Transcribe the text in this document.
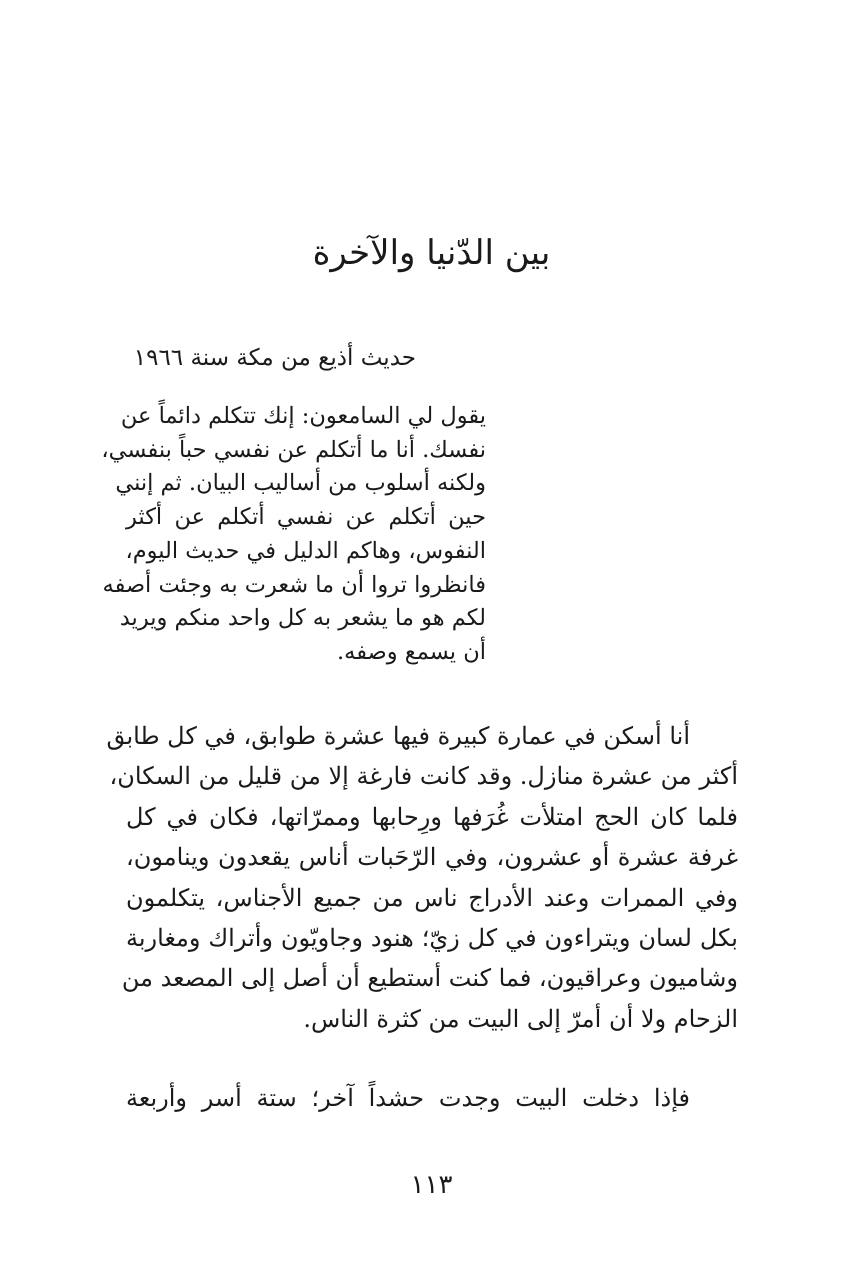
بين الدّنيا والآخرة

حديث أذيع من مكة سنة ١٩٦٦

يقول لي السامعون: إنك تتكلم دائماً عن
نفسك. أنا ما أتكلم عن نفسي حباً بنفسي،
ولكنه أسلوب من أساليب البيان. ثم إنني
حين أتكلم عن نفسي أتكلم عن أكثر
النفوس، وهاكم الدليل في حديث اليوم،
فانظروا تروا أن ما شعرت به وجئت أصفه
لكم هو ما يشعر به كل واحد منكم ويريد
أن يسمع وصفه.
أنا أسكن في عمارة كبيرة فيها عشرة طوابق، في كل طابق
أكثر من عشرة منازل. وقد كانت فارغة إلا من قليل من السكان،
فلما كان الحج امتلأت غُرَفها ورِحابها وممرّاتها، فكان في كل
غرفة عشرة أو عشرون، وفي الرّحَبات أناس يقعدون وينامون،
وفي الممرات وعند الأدراج ناس من جميع الأجناس، يتكلمون
بكل لسان ويتراءون في كل زيّ؛ هنود وجاويّون وأتراك ومغاربة
وشاميون وعراقيون، فما كنت أستطيع أن أصل إلى المصعد من
الزحام ولا أن أمرّ إلى البيت من كثرة الناس.
فإذا دخلت البيت وجدت حشداً آخر؛ ستة أسر وأربعة

١١٣
